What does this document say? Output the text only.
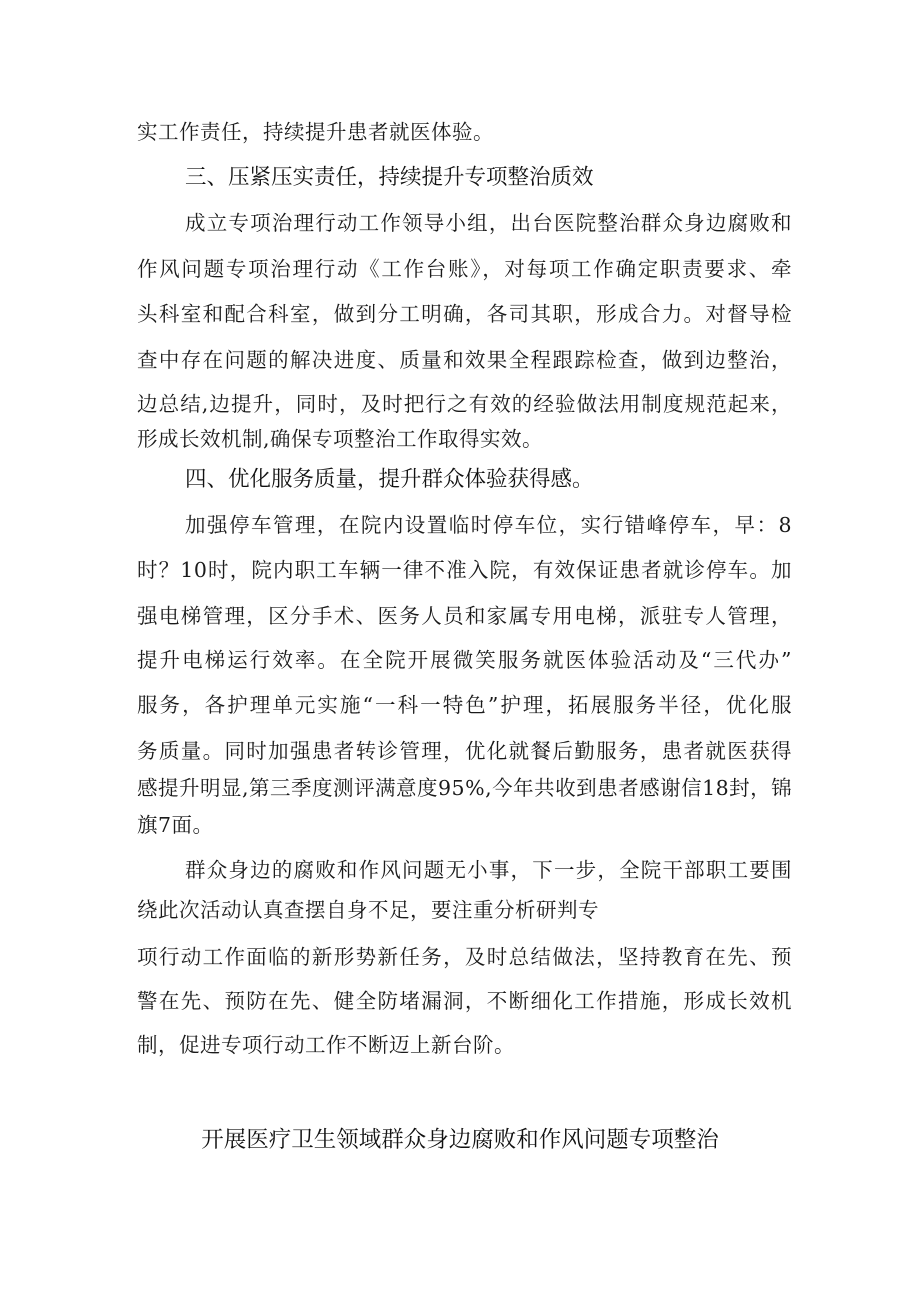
实工作责任，持续提升患者就医体验。
三、压紧压实责任，持续提升专项整治质效
成立专项治理行动工作领导小组，出台医院整治群众身边腐败和
作风问题专项治理行动《工作台账》，对每项工作确定职责要求、牵
头科室和配合科室，做到分工明确，各司其职，形成合力。对督导检
查中存在问题的解决进度、质量和效果全程跟踪检查，做到边整治，
边总结,边提升，同时，及时把行之有效的经验做法用制度规范起来，
形成长效机制,确保专项整治工作取得实效。
四、优化服务质量，提升群众体验获得感。
加强停车管理，在院内设置临时停车位，实行错峰停车，早：8
时？10时，院内职工车辆一律不准入院，有效保证患者就诊停车。加
强电梯管理，区分手术、医务人员和家属专用电梯，派驻专人管理，
提升电梯运行效率。在全院开展微笑服务就医体验活动及“三代办”
服务，各护理单元实施“一科一特色”护理，拓展服务半径，优化服
务质量。同时加强患者转诊管理，优化就餐后勤服务，患者就医获得
感提升明显,第三季度测评满意度95%,今年共收到患者感谢信18封，锦
旗7面。
群众身边的腐败和作风问题无小事，下一步，全院干部职工要围
绕此次活动认真查摆自身不足，要注重分析研判专
项行动工作面临的新形势新任务，及时总结做法，坚持教育在先、预
警在先、预防在先、健全防堵漏洞，不断细化工作措施，形成长效机
制，促进专项行动工作不断迈上新台阶。
开展医疗卫生领域群众身边腐败和作风问题专项整治
